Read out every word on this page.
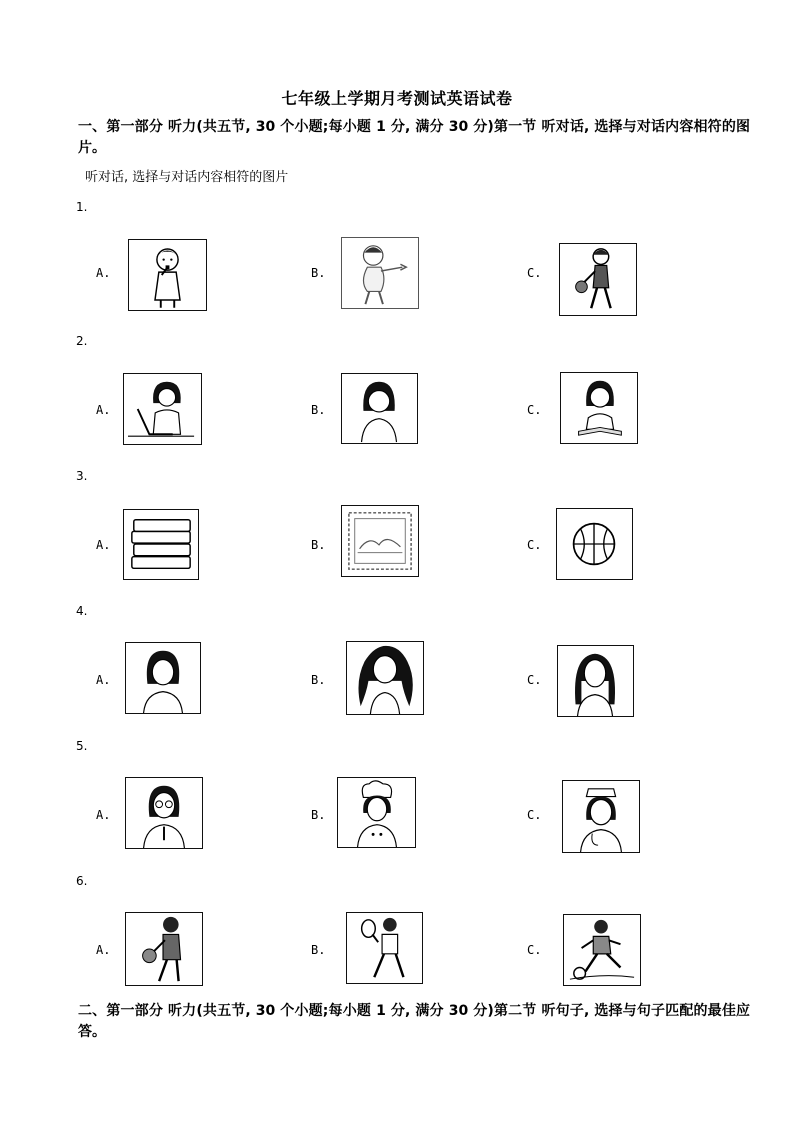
七年级上学期月考测试英语试卷
一、第一部分 听力(共五节, 30 个小题;每小题 1 分, 满分 30 分)第一节 听对话, 选择与对话内容相符的图片。
听对话, 选择与对话内容相符的图片
1.
A.	B.	C.
2.
A.	B.	C.
3.
A.	B.	C.
4.
A.	B.	C.
5.
A.	B.	C.
6.
A.	B.	C.
二、第一部分 听力(共五节, 30 个小题;每小题 1 分, 满分 30 分)第二节 听句子, 选择与句子匹配的最佳应答。
